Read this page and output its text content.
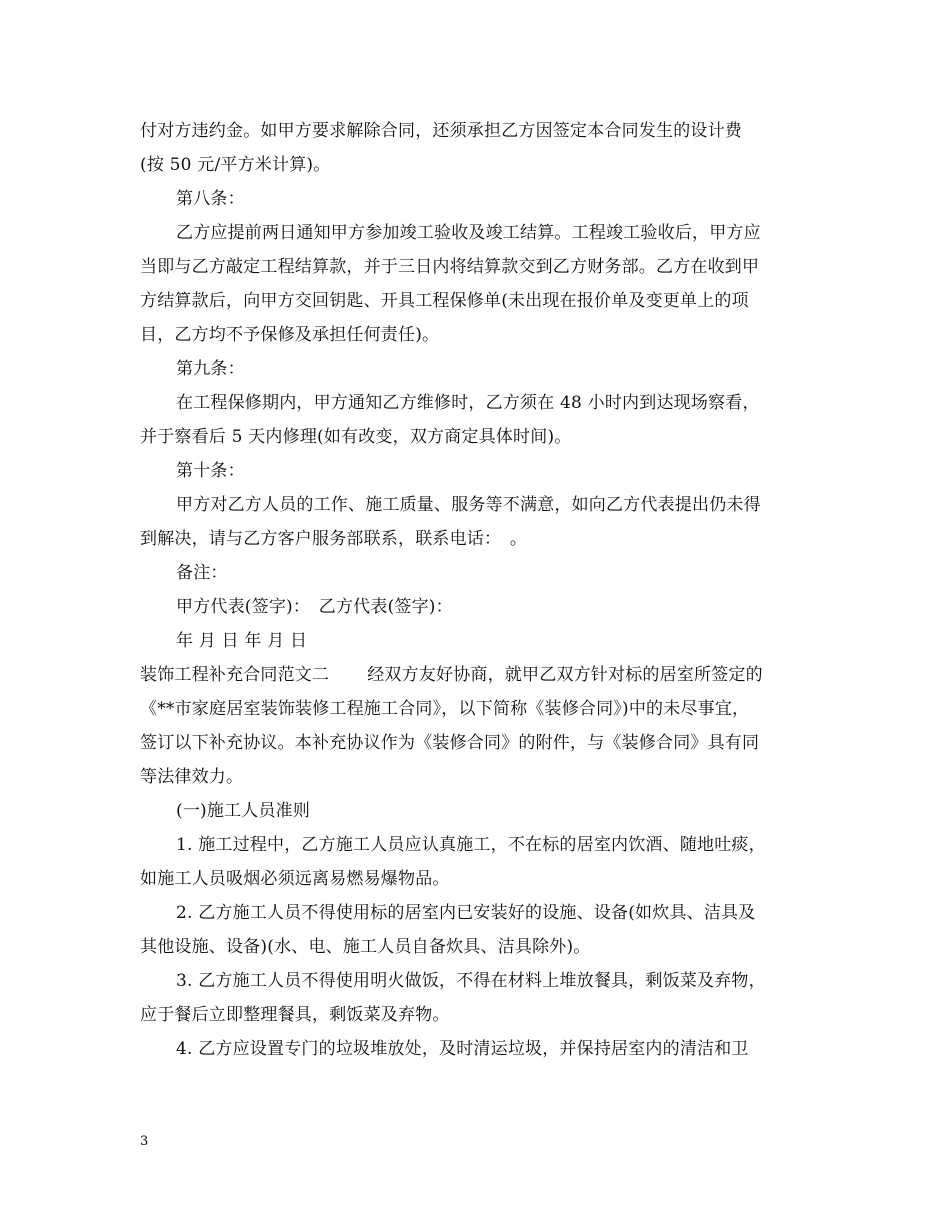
付对方违约金。如甲方要求解除合同，还须承担乙方因签定本合同发生的设计费
(按 50 元/平方米计算)。
第八条：
乙方应提前两日通知甲方参加竣工验收及竣工结算。工程竣工验收后，甲方应
当即与乙方敲定工程结算款，并于三日内将结算款交到乙方财务部。乙方在收到甲
方结算款后，向甲方交回钥匙、开具工程保修单(未出现在报价单及变更单上的项
目，乙方均不予保修及承担任何责任)。
第九条：
在工程保修期内，甲方通知乙方维修时，乙方须在 48 小时内到达现场察看，
并于察看后 5 天内修理(如有改变，双方商定具体时间)。
第十条：
甲方对乙方人员的工作、施工质量、服务等不满意，如向乙方代表提出仍未得
到解决，请与乙方客户服务部联系，联系电话：　。
备注：
甲方代表(签字)：　乙方代表(签字)：
年 月 日 年 月 日
装饰工程补充合同范文二 经双方友好协商，就甲乙双方针对标的居室所签定的
《**市家庭居室装饰装修工程施工合同》，以下简称《装修合同》)中的未尽事宜，
签订以下补充协议。本补充协议作为《装修合同》的附件，与《装修合同》具有同
等法律效力。
(一)施工人员准则
1. 施工过程中，乙方施工人员应认真施工，不在标的居室内饮酒、随地吐痰，
如施工人员吸烟必须远离易燃易爆物品。
2. 乙方施工人员不得使用标的居室内已安装好的设施、设备(如炊具、洁具及
其他设施、设备)(水、电、施工人员自备炊具、洁具除外)。
3. 乙方施工人员不得使用明火做饭，不得在材料上堆放餐具，剩饭菜及弃物，
应于餐后立即整理餐具，剩饭菜及弃物。
4. 乙方应设置专门的垃圾堆放处，及时清运垃圾，并保持居室内的清洁和卫
3
